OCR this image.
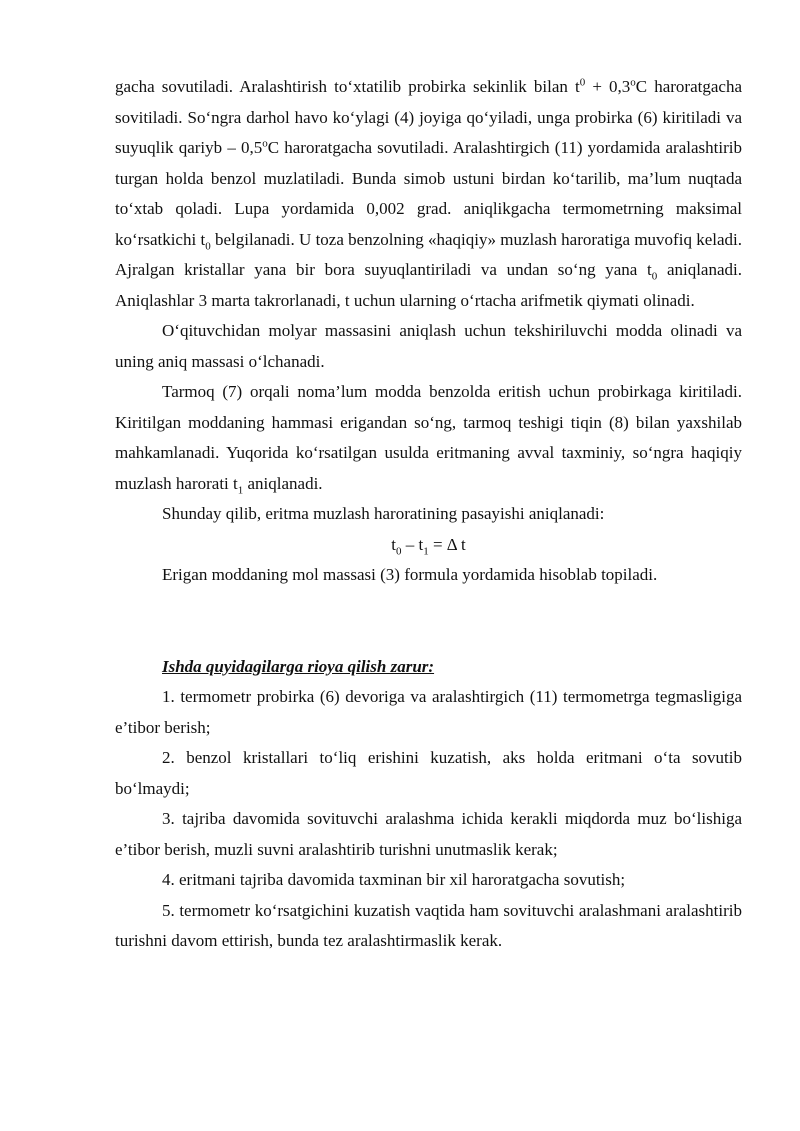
gacha sovutiladi. Aralashtirish to‘xtatilib probirka sekinlik bilan $t^0 + 0,3^oC$ haroratgacha sovitiladi. So‘ngra darhol havo ko‘ylagi (4) joyiga qo‘yiladi, unga probirka (6) kiritiladi va suyuqlik qariyb – 0,5$^o$C haroratgacha sovutiladi. Aralashtirgich (11) yordamida aralashtirib turgan holda benzol muzlatiladi. Bunda simob ustuni birdan ko‘tarilib, ma’lum nuqtada to‘xtab qoladi. Lupa yordamida 0,002 grad. aniqlikgacha termometrning maksimal ko‘rsatkichi $t_0$ belgilanadi. U toza benzolning «haqiqiy» muzlash haroratiga muvofiq keladi. Ajralgan kristallar yana bir bora suyuqlantiriladi va undan so‘ng yana $t_0$ aniqlanadi. Aniqlashlar 3 marta takrorlanadi, t uchun ularning o‘rtacha arifmetik qiymati olinadi.

O‘qituvchidan molyar massasini aniqlash uchun tekshiriluvchi modda olinadi va uning aniq massasi o‘lchanadi.

Tarmoq (7) orqali noma’lum modda benzolda eritish uchun probirkaga kiritiladi. Kiritilgan moddaning hammasi erigandan so‘ng, tarmoq teshigi tiqin (8) bilan yaxshilab mahkamlanadi. Yuqorida ko‘rsatilgan usulda eritmaning avval taxminiy, so‘ngra haqiqiy muzlash harorati $t_1$ aniqlanadi.

Shunday qilib, eritma muzlash haroratining pasayishi aniqlanadi:

$t_0 - t_1 = \Delta$ t

Erigan moddaning mol massasi (3) formula yordamida hisoblab topiladi.

Ishda quyidagilarga rioya qilish zarur:

1. termometr probirka (6) devoriga va aralashtirgich (11) termometrga tegmasligiga e’tibor berish;

2. benzol kristallari to‘liq erishini kuzatish, aks holda eritmani o‘ta sovutib bo‘lmaydi;

3. tajriba davomida sovituvchi aralashma ichida kerakli miqdorda muz bo‘lishiga e’tibor berish, muzli suvni aralashtirib turishni unutmaslik kerak;

4. eritmani tajriba davomida taxminan bir xil haroratgacha sovutish;

5. termometr ko‘rsatgichini kuzatish vaqtida ham sovituvchi aralashmani aralashtirib turishni davom ettirish, bunda tez aralashtirmaslik kerak.
